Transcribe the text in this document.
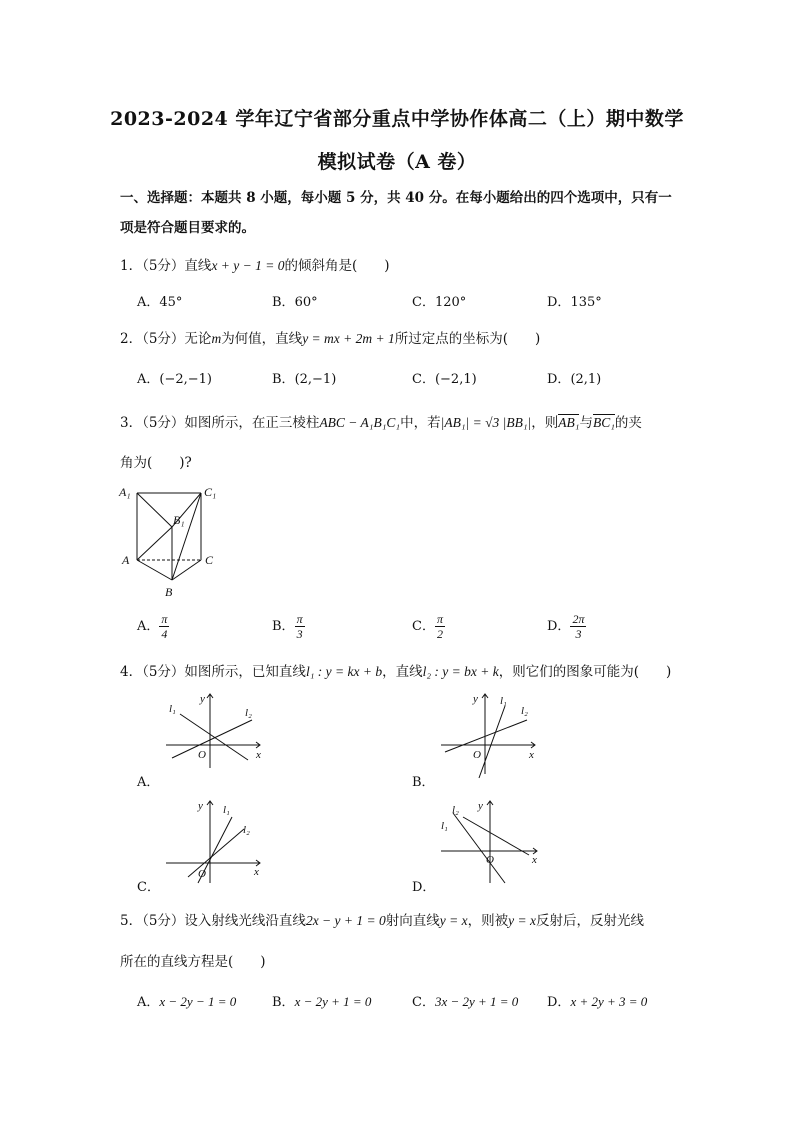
2023-2024 学年辽宁省部分重点中学协作体高二（上）期中数学
模拟试卷（A 卷）
一、选择题：本题共 8 小题，每小题 5 分，共 40 分。在每小题给出的四个选项中，只有一
项是符合题目要求的。
1．（5分）直线x + y − 1 = 0的倾斜角是(　　)
A．45°	B．60°	C．120°	D．135°
2．（5分）无论m为何值，直线y = mx + 2m + 1所过定点的坐标为(　　)
A．(−2,−1)	B．(2,−1)	C．(−2,1)	D．(2,1)
3．（5分）如图所示，在正三棱柱ABC − A₁B₁C₁中，若|AB₁| = √3 |BB₁|，则AB₁与BC₁的夹
角为(　　)?
A₁	C₁
B₁
A	C
B
A． $\frac{\pi}{4}$	B． $\frac{\pi}{3}$	C． $\frac{\pi}{2}$	D． $\frac{2\pi}{3}$
4．（5分）如图所示，已知直线l₁ : y = kx + b，直线l₂ : y = bx + k，则它们的图象可能为(　　)
A．
y
x
O
l₁	l₂
B．
y
x
O
l₁
l₂
C．
y
x
O
l₁
l₂
D．
y
x
O
l₁
l₂
5．（5分）设入射线光线沿直线2x − y + 1 = 0射向直线y = x，则被y = x反射后，反射光线
所在的直线方程是(　　)
A．x − 2y − 1 = 0	B．x − 2y + 1 = 0	C．3x − 2y + 1 = 0 D．x + 2y + 3 = 0
